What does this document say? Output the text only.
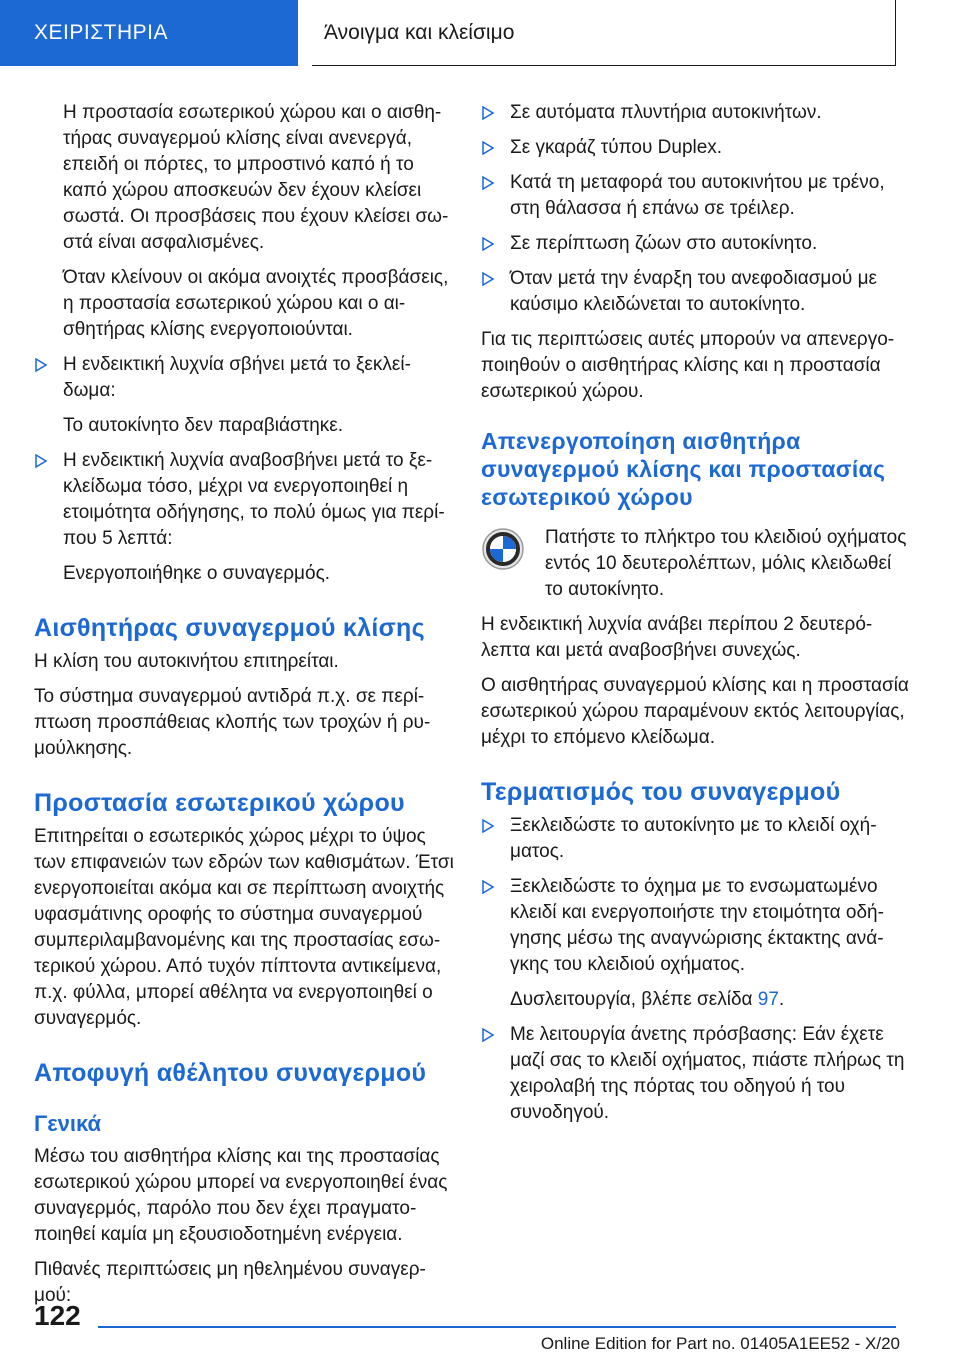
ΧΕΙΡΙΣΤΗΡΙΑ	Άνοιγμα και κλείσιμο

Η προστασία εσωτερικού χώρου και ο αισθητήρας συναγερμού κλίσης είναι ανενεργά, επειδή οι πόρτες, το μπροστινό καπό ή το καπό χώρου αποσκευών δεν έχουν κλείσει σωστά. Οι προσβάσεις που έχουν κλείσει σωστά είναι ασφαλισμένες.

Όταν κλείνουν οι ακόμα ανοιχτές προσβάσεις, η προστασία εσωτερικού χώρου και ο αισθητήρας κλίσης ενεργοποιούνται.

Η ενδεικτική λυχνία σβήνει μετά το ξεκλείδωμα:

Το αυτοκίνητο δεν παραβιάστηκε.

Η ενδεικτική λυχνία αναβοσβήνει μετά το ξεκλείδωμα τόσο, μέχρι να ενεργοποιηθεί η ετοιμότητα οδήγησης, το πολύ όμως για περίπου 5 λεπτά:

Ενεργοποιήθηκε ο συναγερμός.

Αισθητήρας συναγερμού κλίσης

Η κλίση του αυτοκινήτου επιτηρείται.

Το σύστημα συναγερμού αντιδρά π.χ. σε περίπτωση προσπάθειας κλοπής των τροχών ή ρυμούλκησης.

Προστασία εσωτερικού χώρου

Επιτηρείται ο εσωτερικός χώρος μέχρι το ύψος των επιφανειών των εδρών των καθισμάτων. Έτσι ενεργοποιείται ακόμα και σε περίπτωση ανοιχτής υφασμάτινης οροφής το σύστημα συναγερμού συμπεριλαμβανομένης και της προστασίας εσωτερικού χώρου. Από τυχόν πίπτοντα αντικείμενα, π.χ. φύλλα, μπορεί αθέλητα να ενεργοποιηθεί ο συναγερμός.

Αποφυγή αθέλητου συναγερμού
Γενικά

Μέσω του αισθητήρα κλίσης και της προστασίας εσωτερικού χώρου μπορεί να ενεργοποιηθεί ένας συναγερμός, παρόλο που δεν έχει πραγματοποιηθεί καμία μη εξουσιοδοτημένη ενέργεια.

Πιθανές περιπτώσεις μη ηθελημένου συναγερμού:

Σε αυτόματα πλυντήρια αυτοκινήτων.

Σε γκαράζ τύπου Duplex.

Κατά τη μεταφορά του αυτοκινήτου με τρένο, στη θάλασσα ή επάνω σε τρέιλερ.

Σε περίπτωση ζώων στο αυτοκίνητο.

Όταν μετά την έναρξη του ανεφοδιασμού με καύσιμο κλειδώνεται το αυτοκίνητο.

Για τις περιπτώσεις αυτές μπορούν να απενεργοποιηθούν ο αισθητήρας κλίσης και η προστασία εσωτερικού χώρου.

Απενεργοποίηση αισθητήρα συναγερμού κλίσης και προστασίας εσωτερικού χώρου

Πατήστε το πλήκτρο του κλειδιού οχήματος εντός 10 δευτερολέπτων, μόλις κλειδωθεί το αυτοκίνητο.

Η ενδεικτική λυχνία ανάβει περίπου 2 δευτερόλεπτα και μετά αναβοσβήνει συνεχώς.

Ο αισθητήρας συναγερμού κλίσης και η προστασία εσωτερικού χώρου παραμένουν εκτός λειτουργίας, μέχρι το επόμενο κλείδωμα.

Τερματισμός του συναγερμού

Ξεκλειδώστε το αυτοκίνητο με το κλειδί οχήματος.

Ξεκλειδώστε το όχημα με το ενσωματωμένο κλειδί και ενεργοποιήστε την ετοιμότητα οδήγησης μέσω της αναγνώρισης έκτακτης ανάγκης του κλειδιού οχήματος.

Δυσλειτουργία, βλέπε σελίδα 97.

Με λειτουργία άνετης πρόσβασης: Εάν έχετε μαζί σας το κλειδί οχήματος, πιάστε πλήρως τη χειρολαβή της πόρτας του οδηγού ή του συνοδηγού.

122
Online Edition for Part no. 01405A1EE52 - X/20
